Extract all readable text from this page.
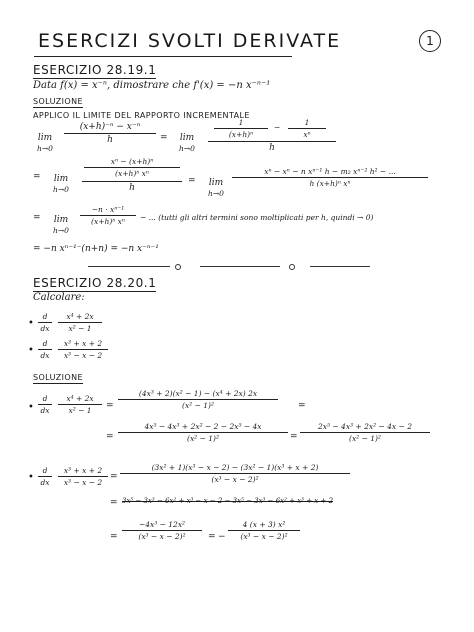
ESERCIZI SVOLTI DERIVATE	1
ESERCIZIO 28.19.1
Data f(x) = x⁻ⁿ, dimostrare che f'(x) = −n x⁻ⁿ⁻¹
SOLUZIONE
APPLICO IL LIMITE DEL RAPPORTO INCREMENTALE
lim
h→0
(x+h)⁻ⁿ − x⁻ⁿ
h	=	lim
h→0
1
(x+h)ⁿ
−
1
xⁿ
h
=	lim
h→0
$\frac{\text{xⁿ − (x+h)ⁿ}}{\text{(x+h)ⁿ xⁿ}}$
h
=	lim
h→0
xⁿ − xⁿ − n xⁿ⁻¹ h − m₂ xⁿ⁻² h² − ...
h (x+h)ⁿ xⁿ
=	lim
h→0
−n · xⁿ⁻¹
(x+h)ⁿ xⁿ	− ... (tutti gli altri termini sono moltiplicati per h, quindi → 0)
= −n xⁿ⁻¹⁻(n+n) = −n x⁻ⁿ⁻¹
ESERCIZIO 28.20.1
Calcolare:
•
d
dx
x⁴ + 2x
x² − 1
•
d
dx
x³ + x + 2
x³ − x − 2
SOLUZIONE
•
d
dx
x⁴ + 2x
x² − 1	=
(4x³ + 2)(x² − 1) − (x⁴ + 2x) 2x
(x² − 1)²	=
=
4x⁵ − 4x³ + 2x² − 2 − 2x⁵ − 4x
(x² − 1)²	=
2x⁵ − 4x³ + 2x² − 4x − 2
(x² − 1)²
•
d
dx
x³ + x + 2
x³ − x − 2
=
(3x² + 1)(x³ − x − 2) − (3x² − 1)(x³ + x + 2)
(x³ − x − 2)²
= 3x⁵ − 3x³ − 6x² + x³ − x − 2 − 3x⁵ − 3x³ − 6x² + x³ + x + 2
=
−4x³ − 12x²
(x³ − x − 2)²	= −
4 (x + 3) x²
(x³ − x − 2)²
